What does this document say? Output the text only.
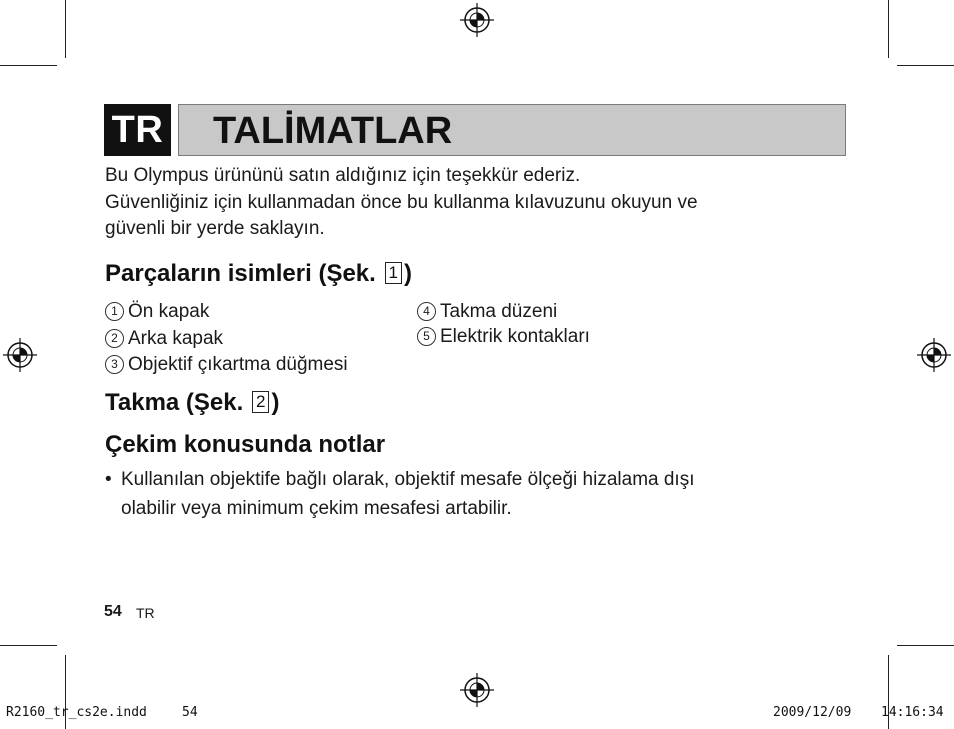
TR TALİMATLAR
Bu Olympus ürününü satın aldığınız için teşekkür ederiz.
Güvenliğiniz için kullanmadan önce bu kullanma kılavuzunu okuyun ve
güvenli bir yerde saklayın.
Parçaların isimleri (Şek. 1 )
1 Ön kapak
2 Arka kapak
3 Objektif çıkartma düğmesi
4 Takma düzeni
5 Elektrik kontakları
Takma (Şek. 2 )
Çekim konusunda notlar
• Kullanılan objektife bağlı olarak, objektif mesafe ölçeği hizalama dışı
olabilir veya minimum çekim mesafesi artabilir.
54 TR
R2160_tr_cs2e.indd	54	2009/12/09 14:16:34
